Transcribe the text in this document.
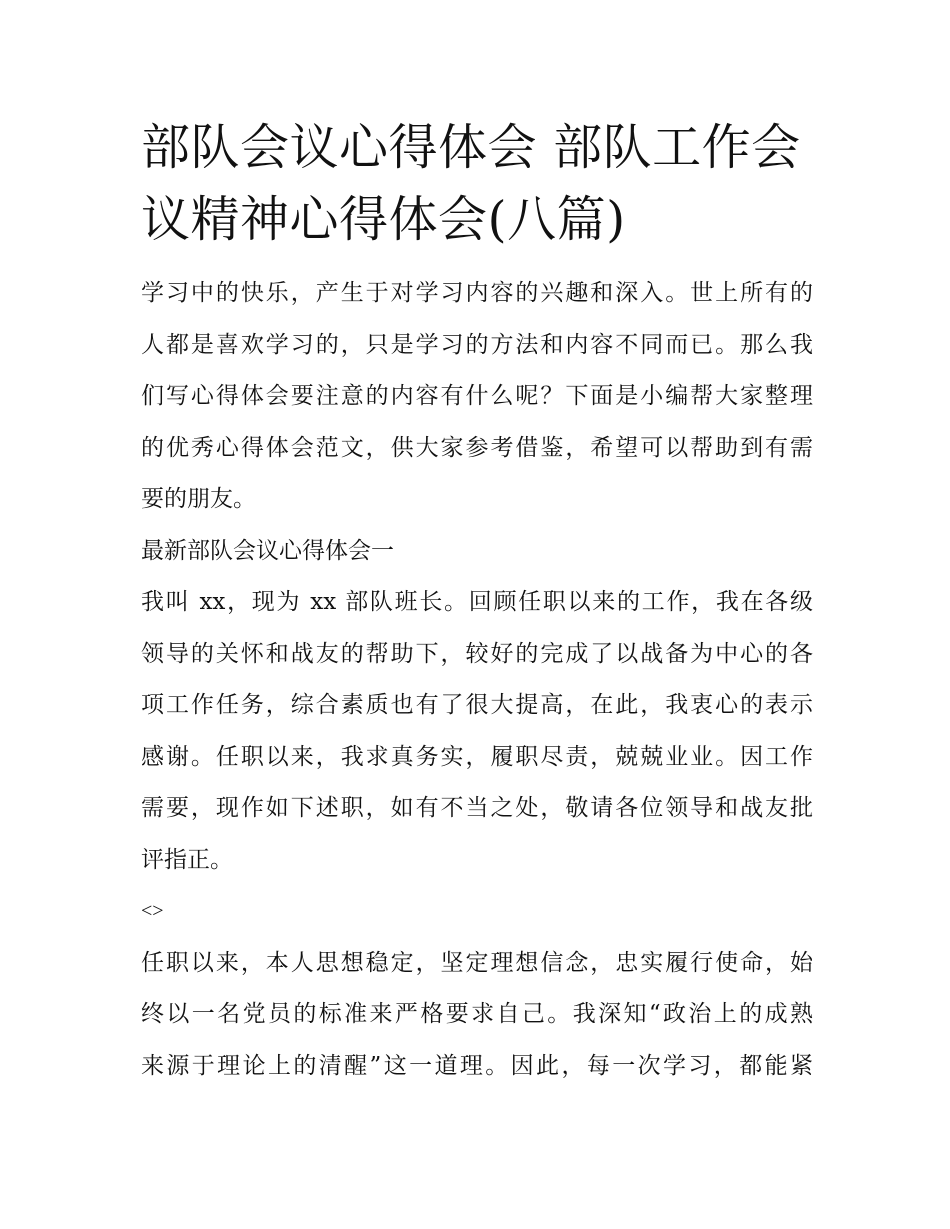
部队会议心得体会 部队工作会
议精神心得体会(八篇)

学习中的快乐，产生于对学习内容的兴趣和深入。世上所有的
人都是喜欢学习的，只是学习的方法和内容不同而已。那么我
们写心得体会要注意的内容有什么呢？下面是小编帮大家整理
的优秀心得体会范文，供大家参考借鉴，希望可以帮助到有需
要的朋友。

最新部队会议心得体会一

我叫 xx，现为 xx 部队班长。回顾任职以来的工作，我在各级
领导的关怀和战友的帮助下，较好的完成了以战备为中心的各
项工作任务，综合素质也有了很大提高，在此，我衷心的表示
感谢。任职以来，我求真务实，履职尽责，兢兢业业。因工作
需要，现作如下述职，如有不当之处，敬请各位领导和战友批
评指正。

<>

任职以来，本人思想稳定，坚定理想信念，忠实履行使命，始
终以一名党员的标准来严格要求自己。我深知“政治上的成熟
来源于理论上的清醒”这一道理。因此，每一次学习，都能紧
